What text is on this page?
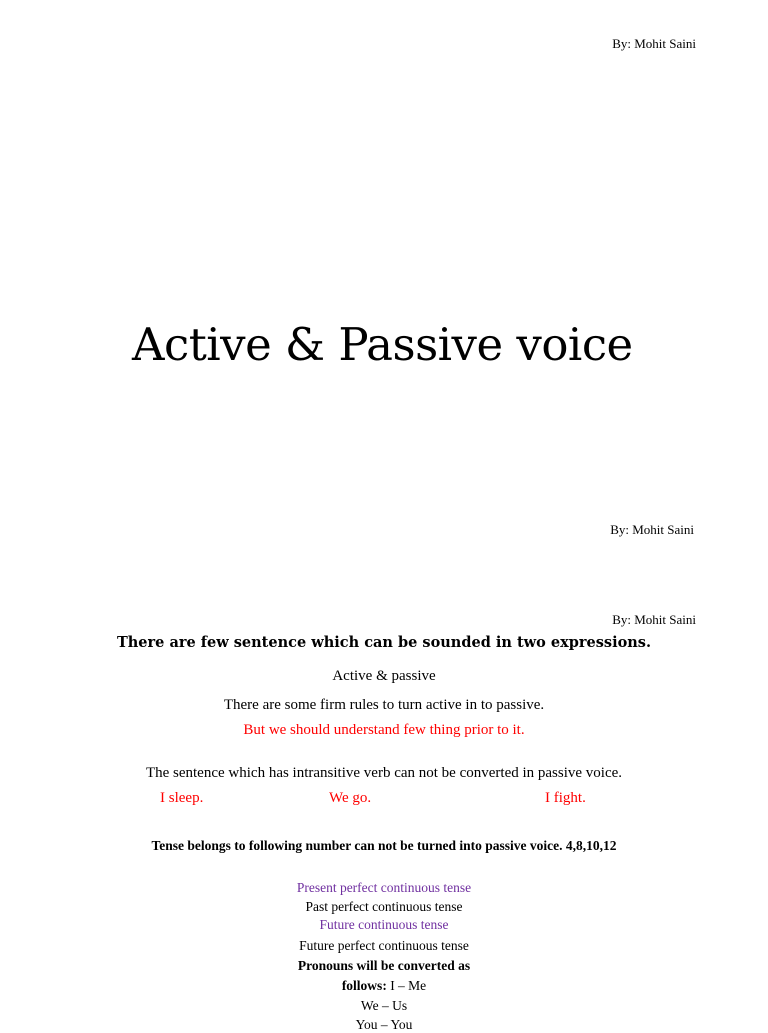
By: Mohit Saini
Active & Passive voice
By: Mohit Saini
By: Mohit Saini
There are few sentence which can be sounded in two expressions.
Active & passive
There are some firm rules to turn active in to passive.
But we should understand few thing prior to it.
The sentence which has intransitive verb can not be converted in passive voice.
I sleep.	We go.	I fight.
Tense belongs to following number can not be turned into passive voice. 4,8,10,12
Present perfect continuous tense
Past perfect continuous tense
Future continuous tense
Future perfect continuous tense
Pronouns will be converted as
follows: I – Me
We – Us
You – You
